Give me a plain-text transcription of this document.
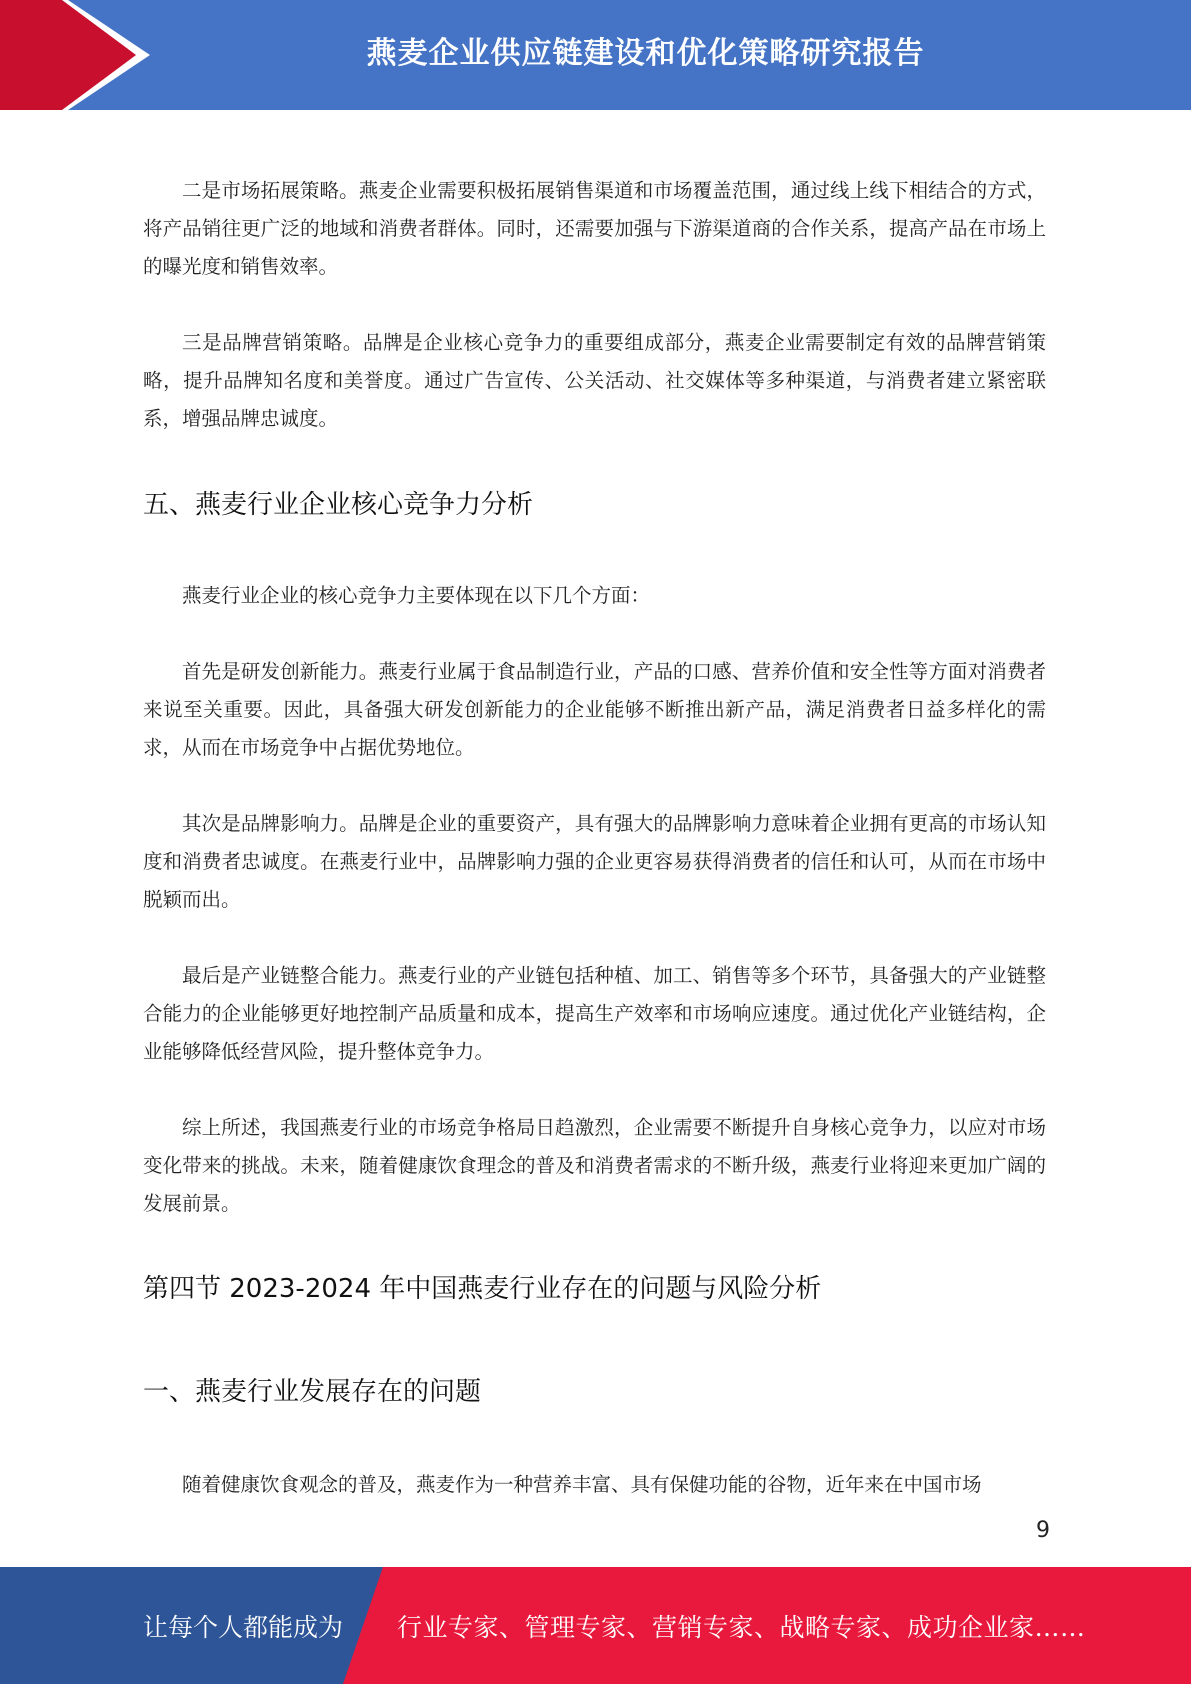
燕麦企业供应链建设和优化策略研究报告

二是市场拓展策略。燕麦企业需要积极拓展销售渠道和市场覆盖范围，通过线上线下相结合的方式，将产品销往更广泛的地域和消费者群体。同时，还需要加强与下游渠道商的合作关系，提高产品在市场上的曝光度和销售效率。

三是品牌营销策略。品牌是企业核心竞争力的重要组成部分，燕麦企业需要制定有效的品牌营销策略，提升品牌知名度和美誉度。通过广告宣传、公关活动、社交媒体等多种渠道，与消费者建立紧密联系，增强品牌忠诚度。

五、燕麦行业企业核心竞争力分析

燕麦行业企业的核心竞争力主要体现在以下几个方面：

首先是研发创新能力。燕麦行业属于食品制造行业，产品的口感、营养价值和安全性等方面对消费者来说至关重要。因此，具备强大研发创新能力的企业能够不断推出新产品，满足消费者日益多样化的需求，从而在市场竞争中占据优势地位。

其次是品牌影响力。品牌是企业的重要资产，具有强大的品牌影响力意味着企业拥有更高的市场认知度和消费者忠诚度。在燕麦行业中，品牌影响力强的企业更容易获得消费者的信任和认可，从而在市场中脱颖而出。

最后是产业链整合能力。燕麦行业的产业链包括种植、加工、销售等多个环节，具备强大的产业链整合能力的企业能够更好地控制产品质量和成本，提高生产效率和市场响应速度。通过优化产业链结构，企业能够降低经营风险，提升整体竞争力。

综上所述，我国燕麦行业的市场竞争格局日趋激烈，企业需要不断提升自身核心竞争力，以应对市场变化带来的挑战。未来，随着健康饮食理念的普及和消费者需求的不断升级，燕麦行业将迎来更加广阔的发展前景。

第四节 2023-2024 年中国燕麦行业存在的问题与风险分析
一、燕麦行业发展存在的问题

随着健康饮食观念的普及，燕麦作为一种营养丰富、具有保健功能的谷物，近年来在中国市场

9
让每个人都能成为 行业专家、管理专家、营销专家、战略专家、成功企业家……
